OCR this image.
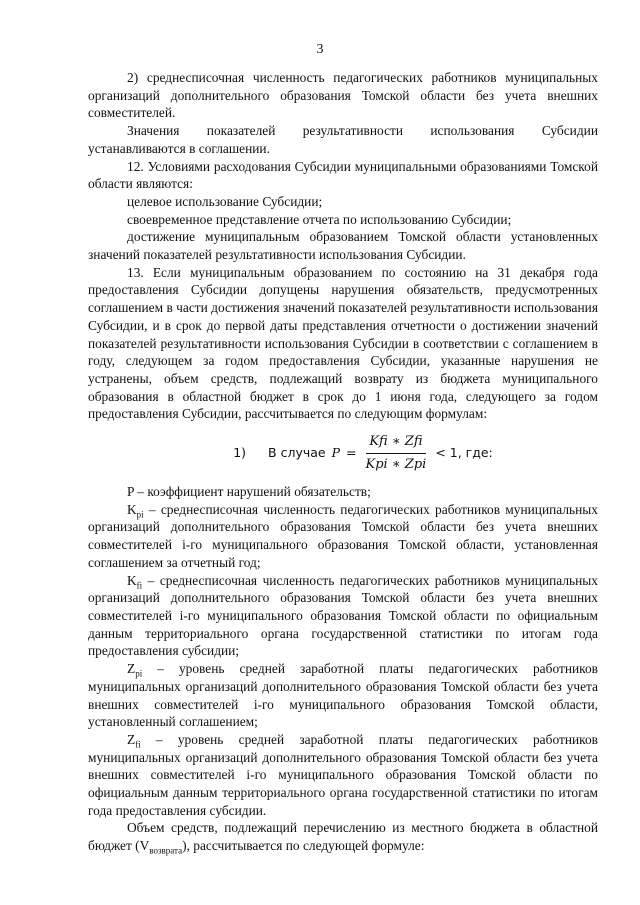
3

2) среднесписочная численность педагогических работников муниципальных организаций дополнительного образования Томской области без учета внешних совместителей.

Значения показателей результативности использования Субсидии устанавливаются в соглашении.

12. Условиями расходования Субсидии муниципальными образованиями Томской области являются:

целевое использование Субсидии;

своевременное представление отчета по использованию Субсидии;

достижение муниципальным образованием Томской области установленных значений показателей результативности использования Субсидии.

13. Если муниципальным образованием по состоянию на 31 декабря года предоставления Субсидии допущены нарушения обязательств, предусмотренных соглашением в части достижения значений показателей результативности использования Субсидии, и в срок до первой даты представления отчетности о достижении значений показателей результативности использования Субсидии в соответствии с соглашением в году, следующем за годом предоставления Субсидии, указанные нарушения не устранены, объем средств, подлежащий возврату из бюджета муниципального образования в областной бюджет в срок до 1 июня года, следующего за годом предоставления Субсидии, рассчитывается по следующим формулам:

1) В случае $P = \frac{\text{Kfi ∗ Zfi}}{\text{Kpi ∗ Zpi}} < 1$, где:

P – коэффициент нарушений обязательств;

$K_{pi}$ – среднесписочная численность педагогических работников муниципальных организаций дополнительного образования Томской области без учета внешних совместителей i-го муниципального образования Томской области, установленная соглашением за отчетный год;

$K_{fi}$ – среднесписочная численность педагогических работников муниципальных организаций дополнительного образования Томской области без учета внешних совместителей i-го муниципального образования Томской области по официальным данным территориального органа государственной статистики по итогам года предоставления субсидии;

$Z_{pi}$ – уровень средней заработной платы педагогических работников муниципальных организаций дополнительного образования Томской области без учета внешних совместителей i-го муниципального образования Томской области, установленный соглашением;

$Z_{fi}$ – уровень средней заработной платы педагогических работников муниципальных организаций дополнительного образования Томской области без учета внешних совместителей i-го муниципального образования Томской области по официальным данным территориального органа государственной статистики по итогам года предоставления субсидии.

Объем средств, подлежащий перечислению из местного бюджета в областной бюджет $(V_{возврата})$, рассчитывается по следующей формуле:
